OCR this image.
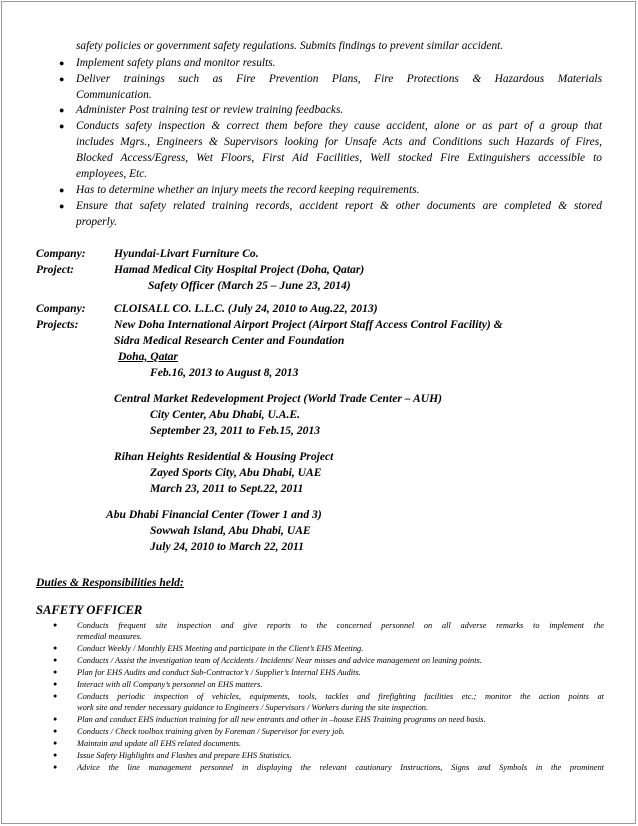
safety policies or government safety regulations. Submits findings to prevent similar accident.
● Implement safety plans and monitor results.
● Deliver trainings such as Fire Prevention Plans, Fire Protections & Hazardous Materials
Communication.
● Administer Post training test or review training feedbacks.
● Conducts safety inspection & correct them before they cause accident, alone or as part of a group that
includes Mgrs., Engineers & Supervisors looking for Unsafe Acts and Conditions such Hazards of Fires,
Blocked Access/Egress, Wet Floors, First Aid Facilities, Well stocked Fire Extinguishers accessible to
employees, Etc.
● Has to determine whether an injury meets the record keeping requirements.
● Ensure that safety related training records, accident report & other documents are completed & stored
properly.
Company: Hyundai-Livart Furniture Co.
Project:	Hamad Medical City Hospital Project (Doha, Qatar)
Safety Officer (March 25 – June 23, 2014)
Company: CLOISALL CO. L.L.C. (July 24, 2010 to Aug.22, 2013)
Projects:	New Doha International Airport Project (Airport Staff Access Control Facility) &
Sidra Medical Research Center and Foundation
Doha, Qatar
Feb.16, 2013 to August 8, 2013
Central Market Redevelopment Project (World Trade Center – AUH)
City Center, Abu Dhabi, U.A.E.
September 23, 2011 to Feb.15, 2013
Rihan Heights Residential & Housing Project
Zayed Sports City, Abu Dhabi, UAE
March 23, 2011 to Sept.22, 2011
Abu Dhabi Financial Center (Tower 1 and 3)
Sowwah Island, Abu Dhabi, UAE
July 24, 2010 to March 22, 2011
Duties & Responsibilities held:
SAFETY OFFICER
● Conducts frequent site inspection and give reports to the concerned personnel on all adverse remarks to implement the
remedial measures.
● Conduct Weekly / Monthly EHS Meeting and participate in the Client’s EHS Meeting.
● Conducts / Assist the investigation team of Accidents / Incidents/ Near misses and advice management on leaning points.
● Plan for EHS Audits and conduct Sub-Contractor’s / Supplier’s Internal EHS Audits.
● Interact with all Company’s personnel on EHS matters.
● Conducts periodic inspection of vehicles, equipments, tools, tackles and firefighting facilities etc.; monitor the action points at
work site and render necessary guidance to Engineers / Supervisors / Workers during the site inspection.
● Plan and conduct EHS induction training for all new entrants and other in –house EHS Training programs on need basis.
● Conducts / Check toolbox training given by Foreman / Supervisor for every job.
● Maintain and update all EHS related documents.
● Issue Safety Highlights and Flashes and prepare EHS Statistics.
● Advice the line management personnel in displaying the relevant cautionary Instructions, Signs and Symbols in the prominent
